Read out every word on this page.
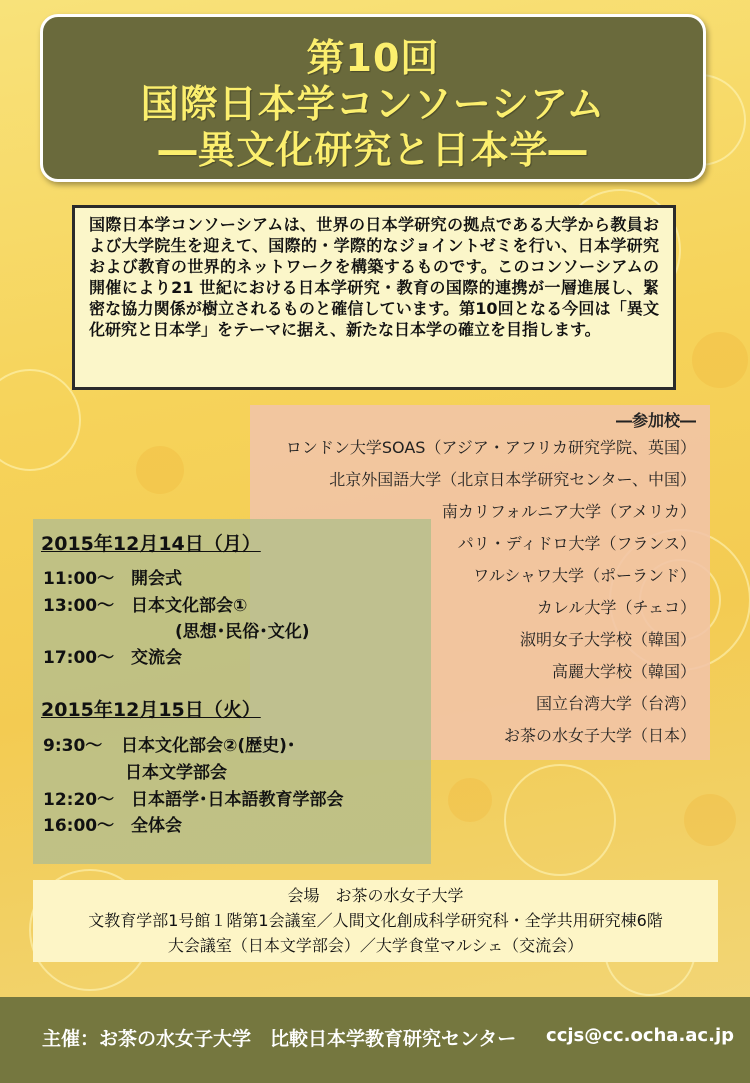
第10回
国際日本学コンソーシアム
―異文化研究と日本学―
国際日本学コンソーシアムは、世界の日本学研究の拠点である大学から教員および大学院生を迎えて、国際的・学際的なジョイントゼミを行い、日本学研究および教育の世界的ネットワークを構築するものです。このコンソーシアムの開催により21 世紀における日本学研究・教育の国際的連携が一層進展し、緊密な協力関係が樹立されるものと確信しています。第10回となる今回は「異文化研究と日本学」をテーマに据え、新たな日本学の確立を目指します。
―参加校―
ロンドン大学SOAS（アジア・アフリカ研究学院、英国）
北京外国語大学（北京日本学研究センター、中国）
南カリフォルニア大学（アメリカ）
パリ・ディドロ大学（フランス）
ワルシャワ大学（ポーランド）
カレル大学（チェコ）
淑明女子大学校（韓国）
高麗大学校（韓国）
国立台湾大学（台湾）
お茶の水女子大学（日本）
2015年12月14日（月）
11:00～ 開会式
13:00～ 日本文化部会①
(思想･民俗･文化)
17:00～ 交流会
2015年12月15日（火）
9:30～ 日本文化部会②(歴史)･
日本文学部会
12:20～ 日本語学･日本語教育学部会
16:00～ 全体会
会場　お茶の水女子大学
文教育学部1号館１階第1会議室／人間文化創成科学研究科・全学共用研究棟6階
大会議室（日本文学部会）／大学食堂マルシェ（交流会）
主催：お茶の水女子大学　比較日本学教育研究センター ccjs@cc.ocha.ac.jp
